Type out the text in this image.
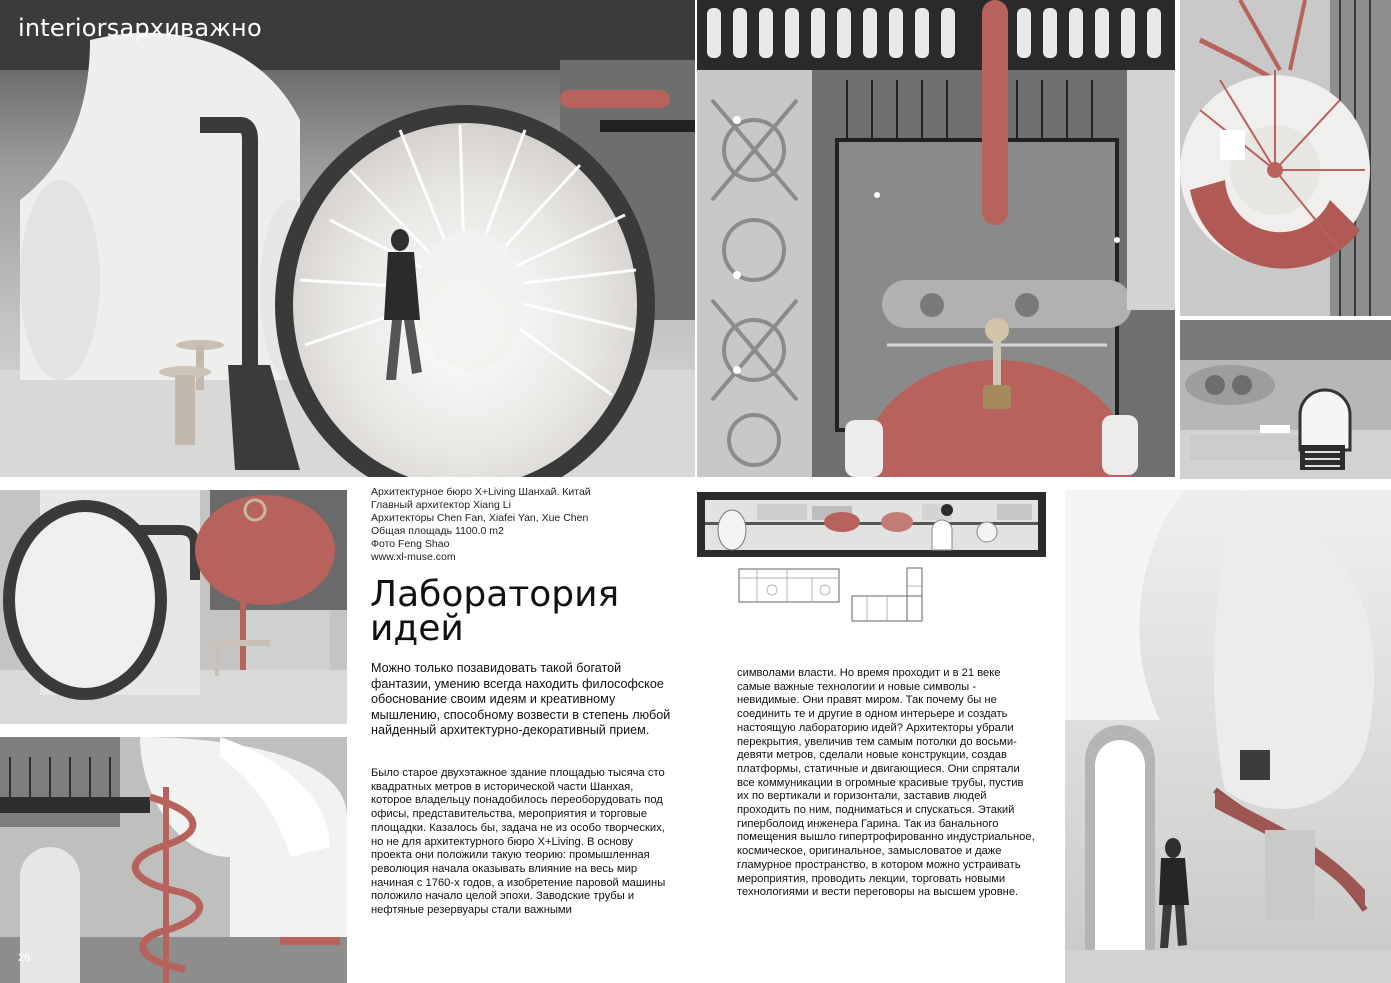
interiorsархиважно
26
Архитектурное бюро X+Living Шанхай. Китай
Главный архитектор Xiang Li
Архитекторы Chen Fan, Xiafei Yan, Xue Chen
Общая площадь 1100.0 m2
Фото Feng Shao
www.xl-muse.com
Лаборатория
идей

Можно только позавидовать такой богатой фантазии, умению всегда находить философское обоснование своим идеям и креативному мышлению, способному возвести в степень любой найденный архитектурно-декоративный прием.

Было старое двухэтажное здание площадью тысяча сто квадратных метров в исторической части Шанхая, которое владельцу понадобилось переоборудовать под офисы, представительства, мероприятия и торговые площадки. Казалось бы, задача не из особо творческих, но не для архитектурного бюро X+Living. В основу проекта они положили такую теорию: промышленная революция начала оказывать влияние на весь мир начиная с 1760-х годов, а изобретение паровой машины положило начало целой эпохи. Заводские трубы и нефтяные резервуары стали важными

символами власти. Но время проходит и в 21 веке самые важные технологии и новые символы - невидимые. Они правят миром. Так почему бы не соединить те и другие в одном интерьере и создать настоящую лабораторию идей? Архитекторы убрали перекрытия, увеличив тем самым потолки до восьми-девяти метров, сделали новые конструкции, создав платформы, статичные и двигающиеся. Они спрятали все коммуникации в огромные красивые трубы, пустив их по вертикали и горизонтали, заставив людей проходить по ним, подниматься и спускаться. Этакий гиперболоид инженера Гарина. Так из банального помещения вышло гипертрофированно индустриальное, космическое, оригинальное, замысловатое и даже гламурное пространство, в котором можно устраивать мероприятия, проводить лекции, торговать новыми технологиями и вести переговоры на высшем уровне.
